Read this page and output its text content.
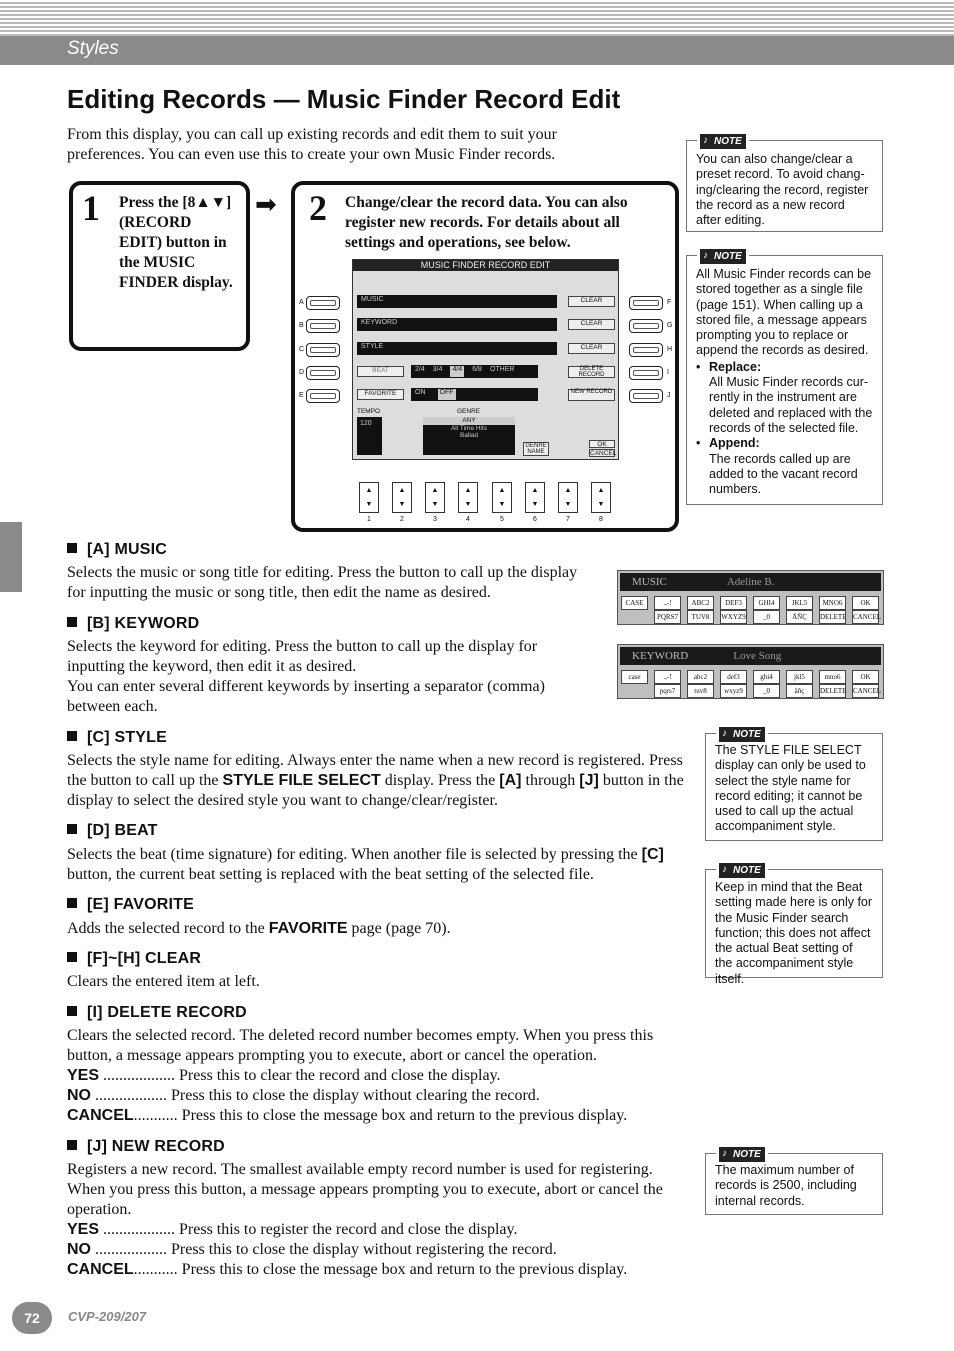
Styles
Editing Records — Music Finder Record Edit
From this display, you can call up existing records and edit them to suit your preferences. You can even use this to create your own Music Finder records.
♪ NOTE
You can also change/clear a preset record. To avoid chang-ing/clearing the record, register the record as a new record after editing.
♪ NOTE
All Music Finder records can be stored together as a single file (page 151). When calling up a stored file, a message appears prompting you to replace or append the records as desired.
• Replace:
All Music Finder records cur-rently in the instrument are deleted and replaced with the records of the selected file.
• Append:
The records called up are added to the vacant record numbers.
1 Press the [8▲▼] (RECORD EDIT) button in the MUSIC FINDER display.
➡ 2 Change/clear the record data. You can also register new records. For details about all settings and operations, see below.
MUSIC FINDER RECORD EDIT
MUSIC
KEYWORD
STYLE
CLEAR
CLEAR
CLEAR
BEAT	2/4 3/4 4/4 6/8 OTHER	DELETE RECORD
FAVORITE	ON OFF	NEW RECORD
TEMPO
120
GENRE
ANY
All Time Hits
Ballad
GENRE NAME
OK
CANCEL
A
B
C
D
E
F
G
H
I
J
▲
▼
▲
▼
▲
▼
▲
▼
▲
▼
▲
▼
▲
▼
▲
▼
1	2	3	4	5	6	7	8
[A] MUSIC
Selects the music or song title for editing. Press the button to call up the display for inputting the music or song title, then edit the name as desired.
[B] KEYWORD
Selects the keyword for editing. Press the button to call up the display for inputting the keyword, then edit it as desired.
You can enter several different keywords by inserting a separator (comma) between each.
MUSIC	Adeline B.
CASE	.,-!	ABC2	DEF3	GHI4	JKL5	MNO6	OK
PQRS7	TUV8	WXYZ9	_0	ÄÑÇ	DELETE CANCEL
KEYWORD	Love Song
case	.,-!	abc2	def3	ghi4	jkl5	mno6	OK
pqrs7	tuv8	wxyz9	_0	äñç	DELETE CANCEL
♪ NOTE
The STYLE FILE SELECT display can only be used to select the style name for record editing; it cannot be used to call up the actual accompaniment style.
[C] STYLE
Selects the style name for editing. Always enter the name when a new record is registered. Press the button to call up the STYLE FILE SELECT display. Press the [A] through [J] button in the display to select the desired style you want to change/clear/register.
[D] BEAT
Selects the beat (time signature) for editing. When another file is selected by pressing the [C] button, the current beat setting is replaced with the beat setting of the selected file.
♪	NOTE
Keep in mind that the Beat setting made here is only for the Music Finder search function; this does not affect the actual Beat setting of the accompaniment style itself.
[E] FAVORITE
Adds the selected record to the FAVORITE page (page 70).
[F]~[H] CLEAR
Clears the entered item at left.
[I] DELETE RECORD
Clears the selected record. The deleted record number becomes empty. When you press this button, a message appears prompting you to execute, abort or cancel the operation.
YES .................. Press this to clear the record and close the display.
NO .................. Press this to close the display without clearing the record.
CANCEL........... Press this to close the message box and return to the previous display.
[J] NEW RECORD
Registers a new record. The smallest available empty record number is used for registering. When you press this button, a message appears prompting you to execute, abort or cancel the operation.
YES .................. Press this to register the record and close the display.
NO .................. Press this to close the display without registering the record.
CANCEL........... Press this to close the message box and return to the previous display.
♪ NOTE
The maximum number of records is 2500, including internal records.
72	CVP-209/207
